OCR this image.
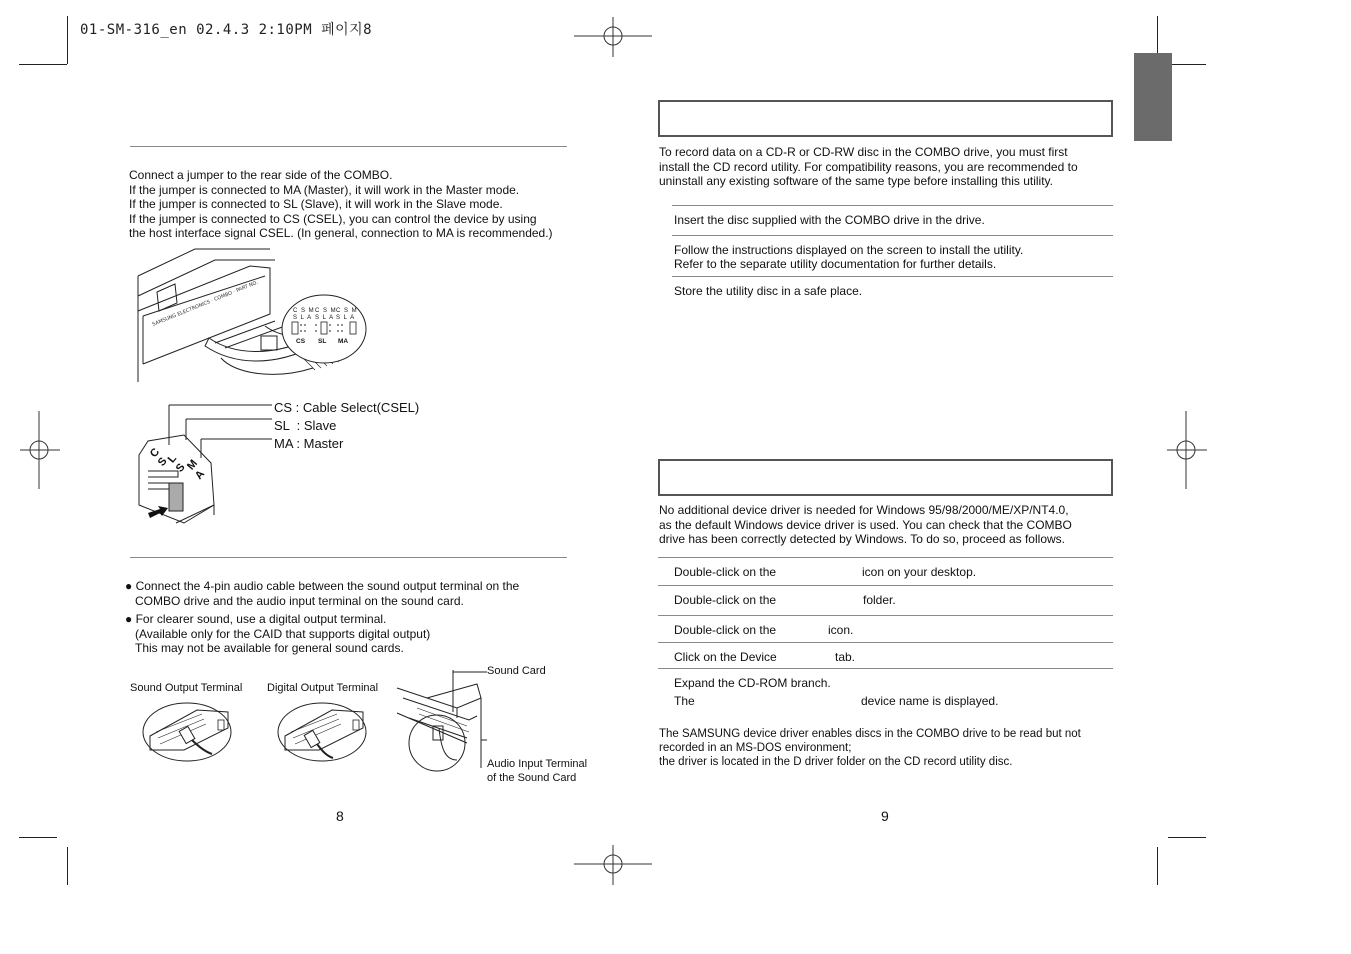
01-SM-316_en 02.4.3 2:10PM 페이지8
Connect a jumper to the rear side of the COMBO.
If the jumper is connected to MA (Master), it will work in the Master mode.
If the jumper is connected to SL (Slave), it will work in the Slave mode.
If the jumper is connected to CS (CSEL), you can control the device by using
the host interface signal CSEL. (In general, connection to MA is recommended.)
SAMSUNG ELECTRONICS · COMBO · PART NO.	C S M
S L A
C S M
S L A
C S M
S L A
CS SL MA
C
S
L
S
M
A
CS : Cable Select(CSEL)
SL  : Slave
MA : Master
● Connect the 4-pin audio cable between the sound output terminal on the
COMBO drive and the audio input terminal on the sound card.
● For clearer sound, use a digital output terminal.
(Available only for the CAID that supports digital output)
This may not be available for general sound cards.
Sound Output Terminal Digital Output Terminal
Sound Card
Audio Input Terminal
of the Sound Card
8
To record data on a CD-R or CD-RW disc in the COMBO drive, you must first
install the CD record utility. For compatibility reasons, you are recommended to
uninstall any existing software of the same type before installing this utility.
Insert the disc supplied with the COMBO drive in the drive.
Follow the instructions displayed on the screen to install the utility.
Refer to the separate utility documentation for further details.
Store the utility disc in a safe place.
No additional device driver is needed for Windows 95/98/2000/ME/XP/NT4.0,
as the default Windows device driver is used. You can check that the COMBO
drive has been correctly detected by Windows. To do so, proceed as follows.
Double-click on the	icon on your desktop.
Double-click on the	folder.
Double-click on the	icon.
Click on the Device	tab.
Expand the CD-ROM branch.
The	device name is displayed.
The SAMSUNG device driver enables discs in the COMBO drive to be read but not
recorded in an MS-DOS environment;
the driver is located in the D driver folder on the CD record utility disc.
9
